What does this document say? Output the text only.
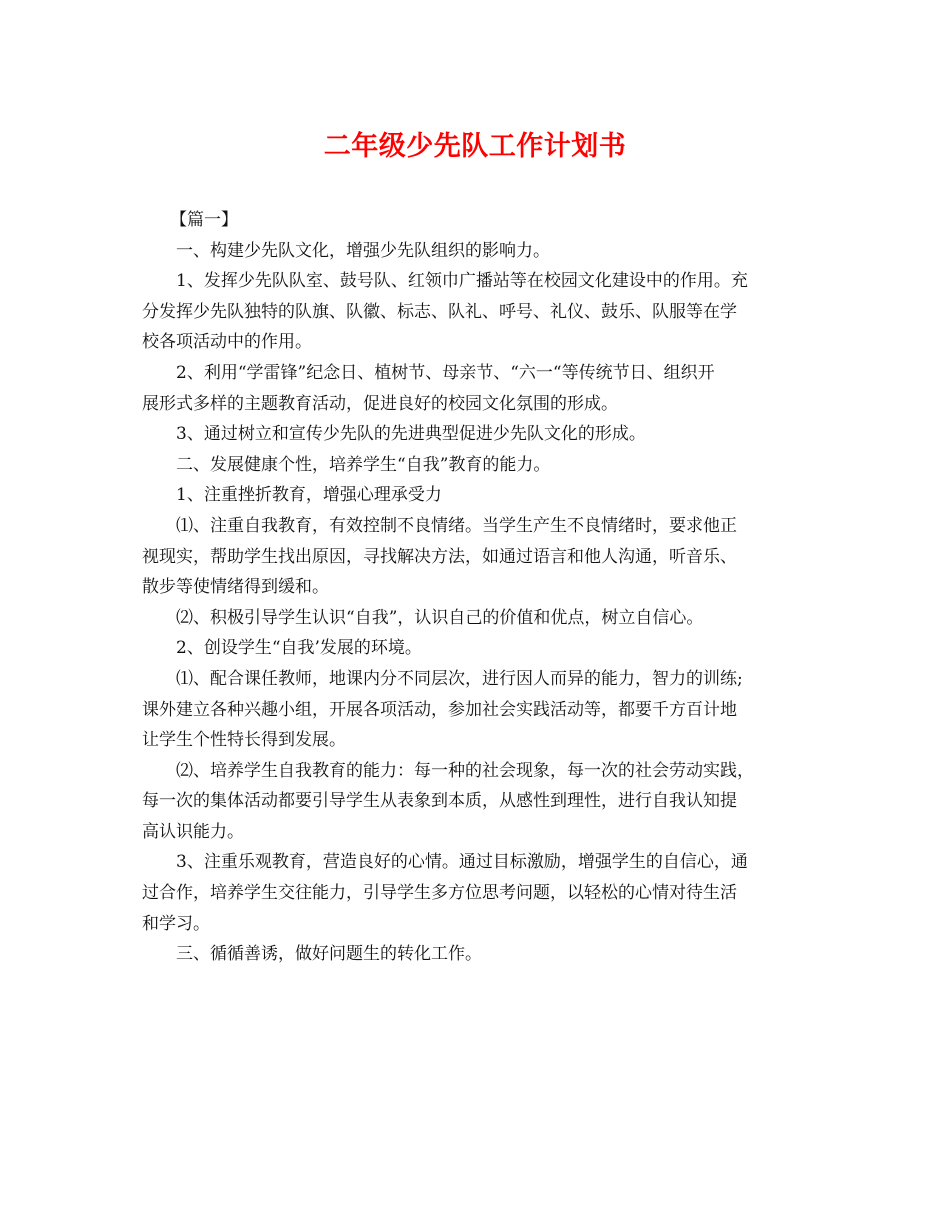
二年级少先队工作计划书
【篇一】
一、构建少先队文化，增强少先队组织的影响力。
1、发挥少先队队室、鼓号队、红领巾广播站等在校园文化建设中的作用。充
分发挥少先队独特的队旗、队徽、标志、队礼、呼号、礼仪、鼓乐、队服等在学
校各项活动中的作用。
2、利用“学雷锋”纪念日、植树节、母亲节、“六一“等传统节日、组织开
展形式多样的主题教育活动，促进良好的校园文化氛围的形成。
3、通过树立和宣传少先队的先进典型促进少先队文化的形成。
二、发展健康个性，培养学生“自我”教育的能力。
1、注重挫折教育，增强心理承受力
⑴、注重自我教育，有效控制不良情绪。当学生产生不良情绪时，要求他正
视现实，帮助学生找出原因，寻找解决方法，如通过语言和他人沟通，听音乐、
散步等使情绪得到缓和。
⑵、积极引导学生认识“自我”，认识自己的价值和优点，树立自信心。
2、创设学生“自我’发展的环境。
⑴、配合课任教师，地课内分不同层次，进行因人而异的能力，智力的训练;
课外建立各种兴趣小组，开展各项活动，参加社会实践活动等，都要千方百计地
让学生个性特长得到发展。
⑵、培养学生自我教育的能力：每一种的社会现象，每一次的社会劳动实践，
每一次的集体活动都要引导学生从表象到本质，从感性到理性，进行自我认知提
高认识能力。
3、注重乐观教育，营造良好的心情。通过目标激励，增强学生的自信心，通
过合作，培养学生交往能力，引导学生多方位思考问题，以轻松的心情对待生活
和学习。
三、循循善诱，做好问题生的转化工作。
